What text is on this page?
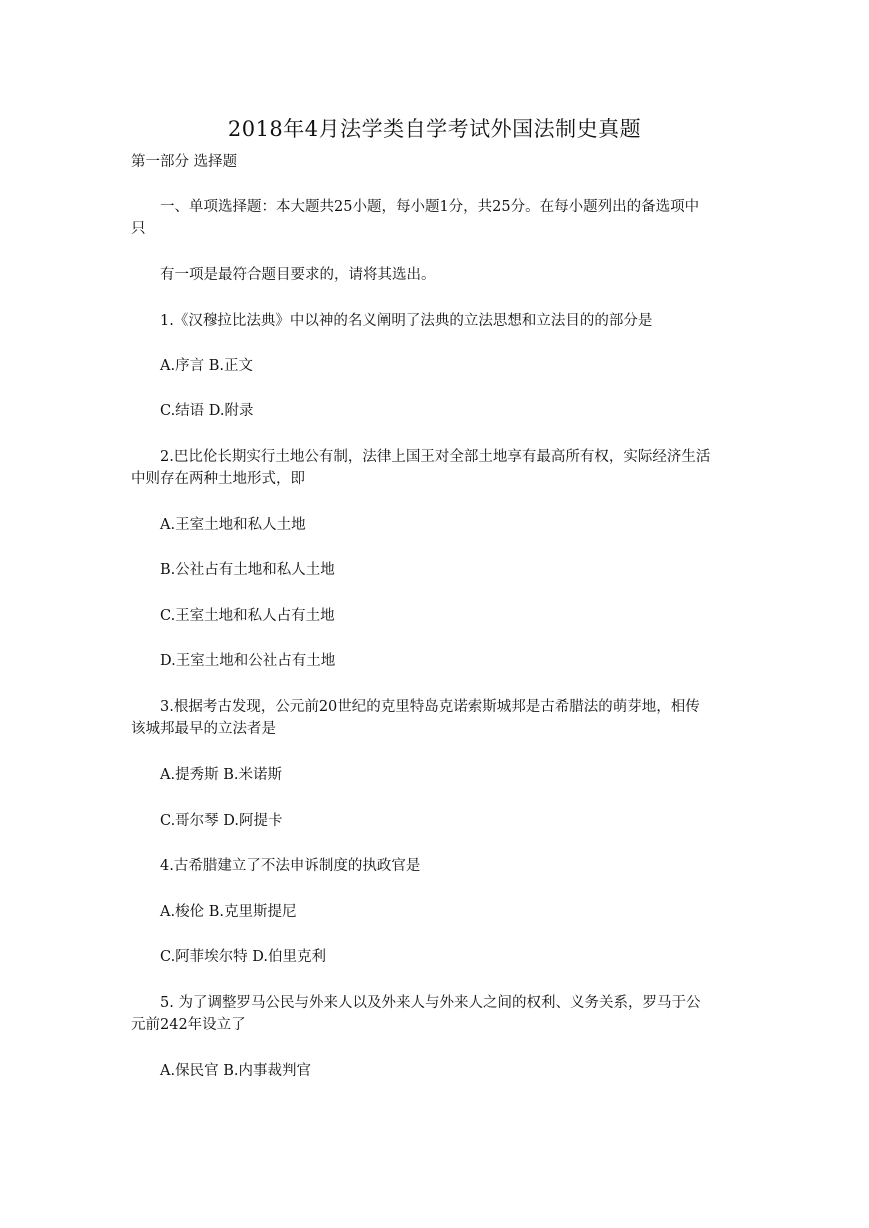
2018年4月法学类自学考试外国法制史真题
第一部分 选择题
一、单项选择题：本大题共25小题，每小题1分，共25分。在每小题列出的备选项中
只
有一项是最符合题目要求的，请将其选出。
1.《汉穆拉比法典》中以神的名义阐明了法典的立法思想和立法目的的部分是
A.序言 B.正文
C.结语 D.附录
2.巴比伦长期实行土地公有制，法律上国王对全部土地享有最高所有权，实际经济生活
中则存在两种土地形式，即
A.王室土地和私人土地
B.公社占有土地和私人土地
C.王室土地和私人占有土地
D.王室土地和公社占有土地
3.根据考古发现，公元前20世纪的克里特岛克诺索斯城邦是古希腊法的萌芽地，相传
该城邦最早的立法者是
A.提秀斯 B.米诺斯
C.哥尔琴 D.阿提卡
4.古希腊建立了不法申诉制度的执政官是
A.梭伦 B.克里斯提尼
C.阿菲埃尔特 D.伯里克利
5. 为了调整罗马公民与外来人以及外来人与外来人之间的权利、义务关系，罗马于公
元前242年设立了
A.保民官 B.内事裁判官
